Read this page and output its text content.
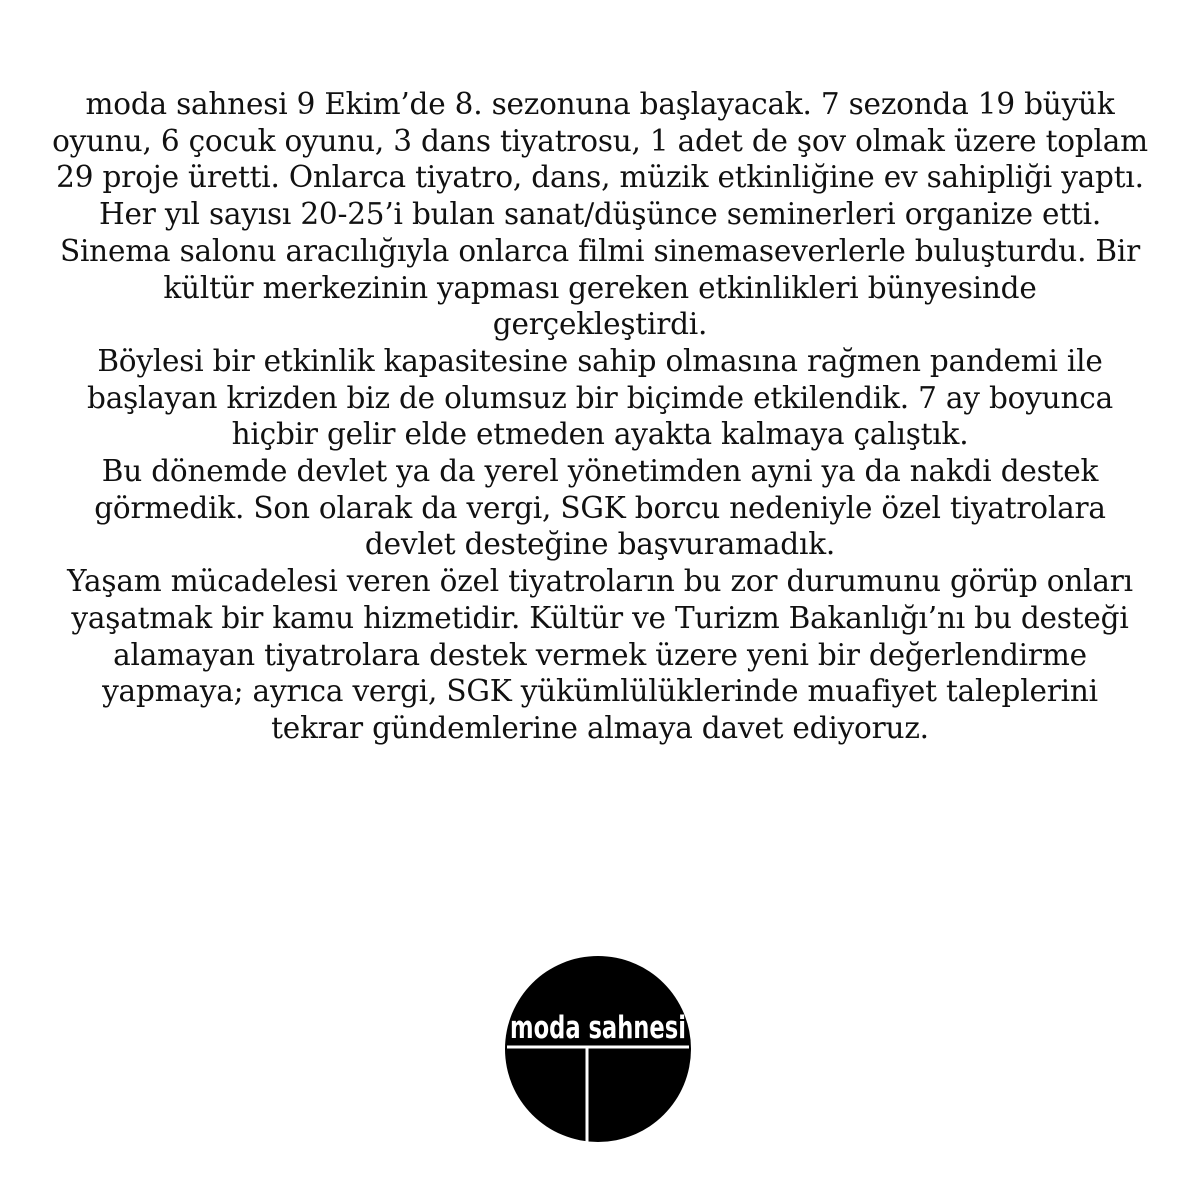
moda sahnesi 9 Ekim’de 8. sezonuna başlayacak. 7 sezonda 19 büyük
oyunu, 6 çocuk oyunu, 3 dans tiyatrosu, 1 adet de şov olmak üzere toplam
29 proje üretti. Onlarca tiyatro, dans, müzik etkinliğine ev sahipliği yaptı.
Her yıl sayısı 20-25’i bulan sanat/düşünce seminerleri organize etti.
Sinema salonu aracılığıyla onlarca filmi sinemaseverlerle buluşturdu. Bir
kültür merkezinin yapması gereken etkinlikleri bünyesinde
gerçekleştirdi.

Böylesi bir etkinlik kapasitesine sahip olmasına rağmen pandemi ile
başlayan krizden biz de olumsuz bir biçimde etkilendik. 7 ay boyunca
hiçbir gelir elde etmeden ayakta kalmaya çalıştık.

Bu dönemde devlet ya da yerel yönetimden ayni ya da nakdi destek
görmedik. Son olarak da vergi, SGK borcu nedeniyle özel tiyatrolara
devlet desteğine başvuramadık.

Yaşam mücadelesi veren özel tiyatroların bu zor durumunu görüp onları
yaşatmak bir kamu hizmetidir. Kültür ve Turizm Bakanlığı’nı bu desteği
alamayan tiyatrolara destek vermek üzere yeni bir değerlendirme
yapmaya; ayrıca vergi, SGK yükümlülüklerinde muafiyet taleplerini
tekrar gündemlerine almaya davet ediyoruz.

moda sahnesi
